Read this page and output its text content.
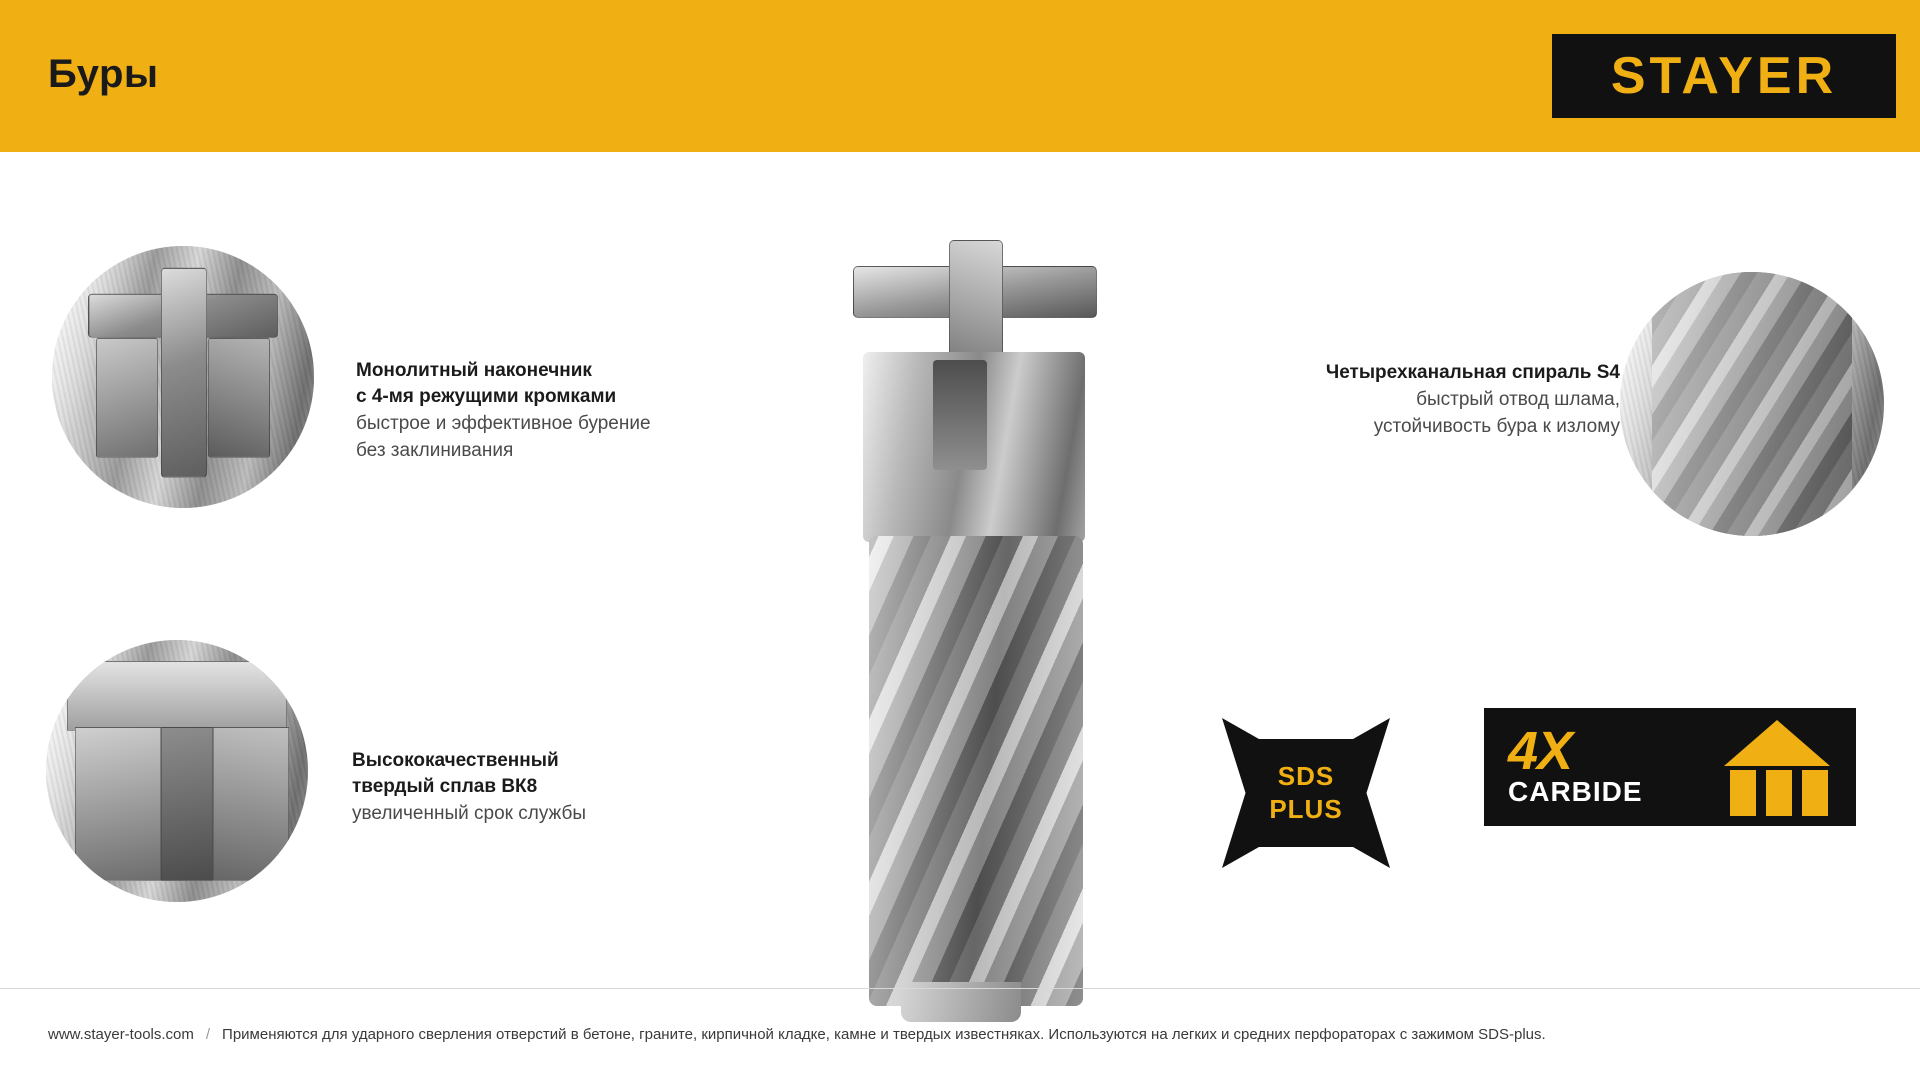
Буры	STAYER
Монолитный наконечник
с 4-мя режущими кромками
быстрое и эффективное бурение
без заклинивания
Высококачественный
твердый сплав ВК8
увеличенный срок службы
Четырехканальная спираль S4
быстрый отвод шлама,
устойчивость бура к излому
SDS
PLUS
4X
CARBIDE
www.stayer-tools.com / Применяются для ударного сверления отверстий в бетоне, граните, кирпичной кладке, камне и твердых известняках. Используются на легких и средних перфораторах с зажимом SDS-plus.
